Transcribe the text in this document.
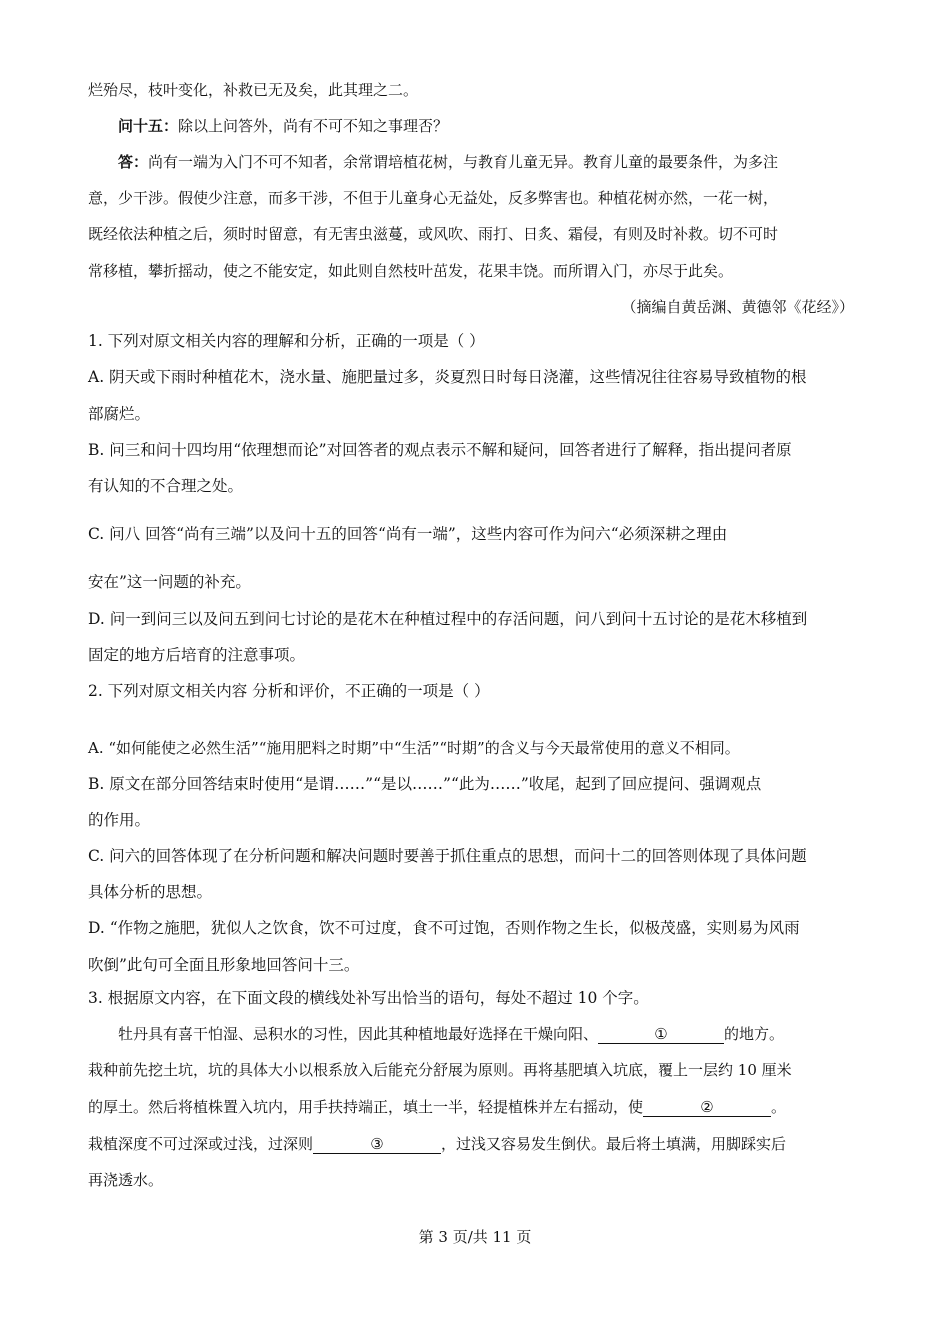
烂殆尽，枝叶变化，补救已无及矣，此其理之二。
问十五：除以上问答外，尚有不可不知之事理否？
答：尚有一端为入门不可不知者，余常谓培植花树，与教育儿童无异。教育儿童的最要条件，为多注
意，少干涉。假使少注意，而多干涉，不但于儿童身心无益处，反多弊害也。种植花树亦然，一花一树，
既经依法种植之后，须时时留意，有无害虫滋蔓，或风吹、雨打、日炙、霜侵，有则及时补救。切不可时
常移植，攀折摇动，使之不能安定，如此则自然枝叶茁发，花果丰饶。而所谓入门，亦尽于此矣。
（摘编自黄岳渊、黄德邻《花经》）
1. 下列对原文相关内容的理解和分析，正确的一项是（ ）
A. 阴天或下雨时种植花木，浇水量、施肥量过多，炎夏烈日时每日浇灌，这些情况往往容易导致植物的根
部腐烂。
B. 问三和问十四均用“依理想而论”对回答者的观点表示不解和疑问，回答者进行了解释，指出提问者原
有认知的不合理之处。
C. 问八 回答“尚有三端”以及问十五的回答“尚有一端”，这些内容可作为问六“必须深耕之理由
安在”这一问题的补充。
D. 问一到问三以及问五到问七讨论的是花木在种植过程中的存活问题，问八到问十五讨论的是花木移植到
固定的地方后培育的注意事项。
2. 下列对原文相关内容 分析和评价，不正确的一项是（ ）
A. “如何能使之必然生活”“施用肥料之时期”中“生活”“时期”的含义与今天最常使用的意义不相同。
B. 原文在部分回答结束时使用“是谓……”“是以……”“此为……”收尾，起到了回应提问、强调观点
的作用。
C. 问六的回答体现了在分析问题和解决问题时要善于抓住重点的思想，而问十二的回答则体现了具体问题
具体分析的思想。
D. “作物之施肥，犹似人之饮食，饮不可过度，食不可过饱，否则作物之生长，似极茂盛，实则易为风雨
吹倒”此句可全面且形象地回答问十三。
3. 根据原文内容，在下面文段的横线处补写出恰当的语句，每处不超过 10 个字。
牡丹具有喜干怕湿、忌积水的习性，因此其种植地最好选择在干燥向阳、	①	的地方。
栽种前先挖土坑，坑的具体大小以根系放入后能充分舒展为原则。再将基肥填入坑底，覆上一层约 10 厘米
的厚土。然后将植株置入坑内，用手扶持端正，填土一半，轻提植株并左右摇动，使	②	。
栽植深度不可过深或过浅，过深则	③	，过浅又容易发生倒伏。最后将土填满，用脚踩实后
再浇透水。
第 3 页/共 11 页
